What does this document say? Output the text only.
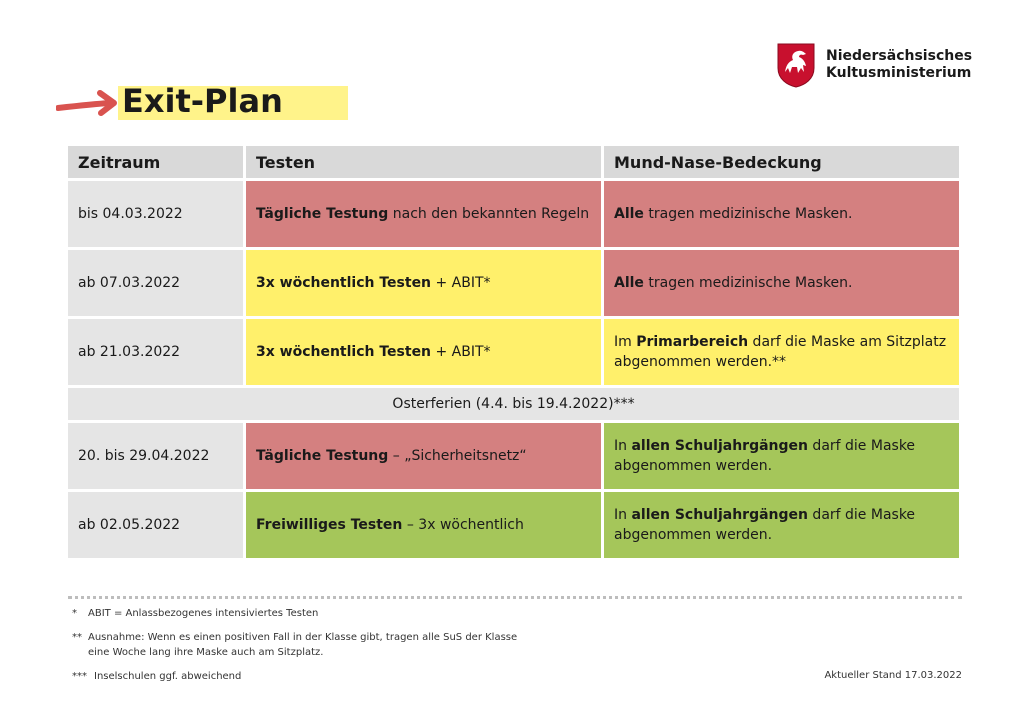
Niedersächsisches
Kultusministerium
Exit-Plan
Zeitraum	Testen	Mund-Nase-Bedeckung
bis 04.03.2022	Tägliche Testung nach den bekannten Regeln	Alle tragen medizinische Masken.

ab 07.03.2022	3x wöchentlich Testen + ABIT*	Alle tragen medizinische Masken.

ab 21.03.2022	3x wöchentlich Testen + ABIT*	Im Primarbereich darf die Maske am Sitzplatz abgenommen werden.**

Osterferien (4.4. bis 19.4.2022)***		
20. bis 29.04.2022	Tägliche Testung – „Sicherheitsnetz“	In allen Schuljahrgängen darf die Maske abgenommen werden.

ab 02.05.2022	Freiwilliges Testen – 3x wöchentlich	In allen Schuljahrgängen darf die Maske abgenommen werden.
* ABIT = Anlassbezogenes intensiviertes Testen
** Ausnahme: Wenn es einen positiven Fall in der Klasse gibt, tragen alle SuS der Klasse
eine Woche lang ihre Maske auch am Sitzplatz.
*** Inselschulen ggf. abweichend	Aktueller Stand 17.03.2022
